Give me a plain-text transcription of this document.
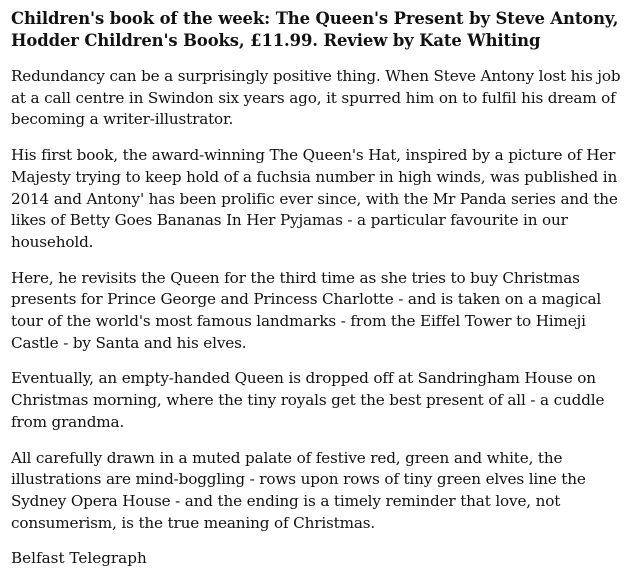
Children's book of the week: The Queen's Present by Steve Antony, Hodder Children's Books, £11.99. Review by Kate Whiting

Redundancy can be a surprisingly positive thing. When Steve Antony lost his job at a call centre in Swindon six years ago, it spurred him on to fulfil his dream of becoming a writer-illustrator.

His first book, the award-winning The Queen's Hat, inspired by a picture of Her Majesty trying to keep hold of a fuchsia number in high winds, was published in 2014 and Antony' has been prolific ever since, with the Mr Panda series and the likes of Betty Goes Bananas In Her Pyjamas - a particular favourite in our household.

Here, he revisits the Queen for the third time as she tries to buy Christmas presents for Prince George and Princess Charlotte - and is taken on a magical tour of the world's most famous landmarks - from the Eiffel Tower to Himeji Castle - by Santa and his elves.

Eventually, an empty-handed Queen is dropped off at Sandringham House on Christmas morning, where the tiny royals get the best present of all - a cuddle from grandma.

All carefully drawn in a muted palate of festive red, green and white, the illustrations are mind-boggling - rows upon rows of tiny green elves line the Sydney Opera House - and the ending is a timely reminder that love, not consumerism, is the true meaning of Christmas.

Belfast Telegraph
